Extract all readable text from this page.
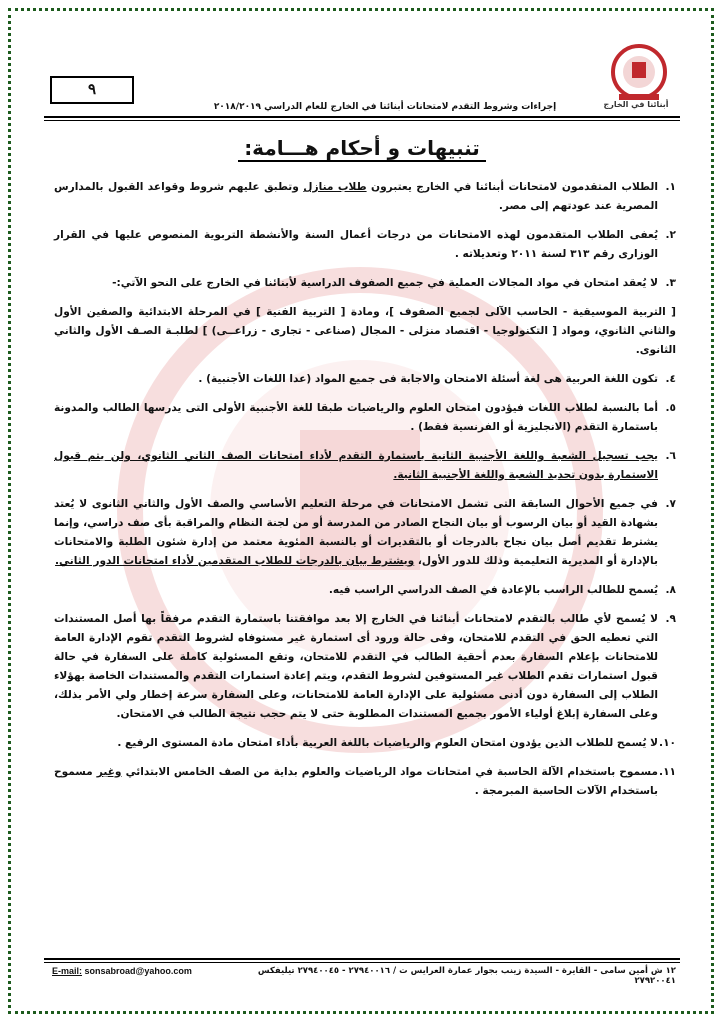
٩
أبنائنا في الخارج
إجراءات وشروط التقدم لامتحانات أبنائنا في الخارج للعام الدراسي ٢٠١٨/٢٠١٩
تنبيهات و أحكام هـــامة:
١.
الطلاب المتقدمون لامتحانات أبنائنا في الخارج يعتبرون طلاب منازل وتطبق عليهم شروط وقواعد القبول بالمدارس المصرية عند عودتهم إلى مصر.
٢.
يُعفى الطلاب المتقدمون لهذه الامتحانات من درجات أعمال السنة والأنشطة التربوية المنصوص عليها في القرار الوزارى رقم ٣١٣ لسنة ٢٠١١ وتعديلاته .
٣.
لا يُعقد امتحان في مواد المجالات العملية في جميع الصفوف الدراسية لأبنائنا في الخارج على النحو الآتي:-
[ التربية الموسيقية - الحاسب الآلى لجميع الصفوف ]، ومادة [ التربية الفنية ] في المرحلة الابتدائية والصفين الأول والثاني الثانوي، ومواد [ التكنولوجيا - اقتصاد منزلى - المجال (صناعى - تجارى - زراعــى) ] لطلبـة الصـف الأول والثاني الثانوى.
٤.
تكون اللغة العربية هى لغة أسئلة الامتحان والاجابة فى جميع المواد (عدا اللغات الأجنبية) .
٥.
أما بالنسبة لطلاب اللغات فيؤدون امتحان العلوم والرياضيات طبقا للغة الأجنبية الأولى التى يدرسها الطالب والمدونة باستمارة التقدم (الانجليزية أو الفرنسية فقط) .
٦.
يجب تسجيل الشعبة واللغة الأجنبية الثانية باستمارة التقدم لأداء امتحانات الصف الثاني الثانوي، ولن يتم قبول الاستمارة بدون تحديد الشعبة واللغة الأجنبية الثانية.
٧.
في جميع الأحوال السابقة التى تشمل الامتحانات في مرحلة التعليم الأساسي والصف الأول والثاني الثانوى لا يُعتد بشهادة القيد أو بيان الرسوب أو بيان النجاح الصادر من المدرسة أو من لجنة النظام والمراقبة بأى صف دراسي، وإنما يشترط تقديم أصل بيان نجاح بالدرجات أو بالتقديرات أو بالنسبة المئوية معتمد من إدارة شئون الطلبة والامتحانات بالإدارة أو المديرية التعليمية وذلك للدور الأول، ويشترط بيان بالدرجات للطلاب المتقدمين لأداء امتحانات الدور الثاني.
٨.
يُسمح للطالب الراسب بالإعادة في الصف الدراسي الراسب فيه.
٩.
لا يُسمح لأي طالب بالتقدم لامتحانات أبنائنا في الخارج إلا بعد موافقتنا باستمارة التقدم مرفقاً بها أصل المستندات التي تعطيه الحق في التقدم للامتحان، وفى حالة ورود أى استمارة غير مستوفاه لشروط التقدم تقوم الإدارة العامة للامتحانات بإعلام السفارة بعدم أحقية الطالب في التقدم للامتحان، وتقع المسئولية كاملة على السفارة في حالة قبول استمارات تقدم الطلاب غير المستوفين لشروط التقدم، ويتم إعادة استمارات التقدم والمستندات الخاصة بهؤلاء الطلاب إلى السفارة دون أدنى مسئولية على الإدارة العامة للامتحانات، وعلى السفارة سرعة إخطار ولي الأمر بذلك، وعلى السفارة إبلاغ أولياء الأمور بجميع المستندات المطلوبة حتى لا يتم حجب نتيجة الطالب في الامتحان.
١٠.
لا يُسمح للطلاب الذين يؤدون امتحان العلوم والرياضيات باللغة العربية بأداء امتحان مادة المستوى الرفيع .
١١.
مسموح باستخدام الآلة الحاسبة في امتحانات مواد الرياضيات والعلوم بداية من الصف الخامس الابتدائي وغير مسموح باستخدام الآلات الحاسبة المبرمجة .
١٢ ش أمين سامى - القايرة - السيدة زينب بجوار عمارة العرايس ت / ٢٧٩٤٠٠١٦ - ٢٧٩٤٠٠٤٥ تيليفكس ٢٧٩٢٠٠٤١
E-mail: sonsabroad@yahoo.com
